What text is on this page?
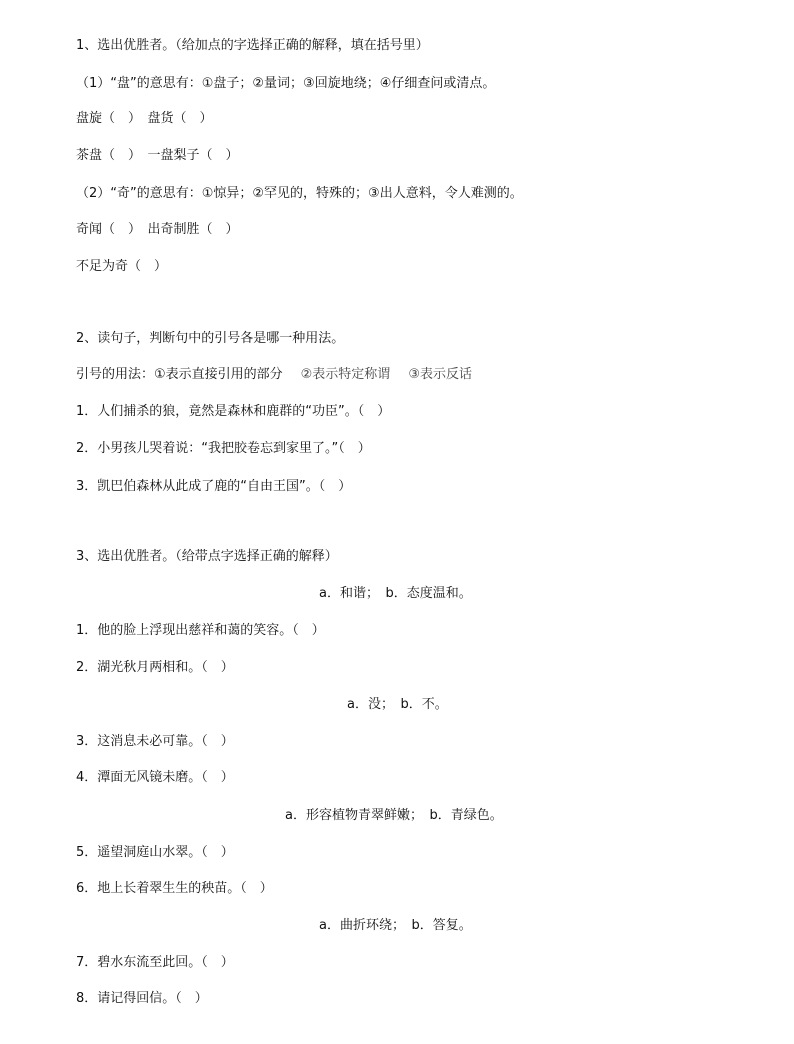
1、选出优胜者。（给加点的字选择正确的解释，填在括号里）
（1）“盘”的意思有：①盘子；②量词；③回旋地绕；④仔细查问或清点。
盘旋（　）　盘货（　）
茶盘（　）　一盘梨子（　）
（2）“奇”的意思有：①惊异；②罕见的，特殊的；③出人意料，令人难测的。
奇闻（　）　出奇制胜（　）
不足为奇（　）
2、读句子，判断句中的引号各是哪一种用法。
引号的用法：①表示直接引用的部分 ②表示特定称谓 ③表示反话
1．人们捕杀的狼，竟然是森林和鹿群的“功臣”。（　）
2．小男孩儿哭着说：“我把胶卷忘到家里了。”（　）
3．凯巴伯森林从此成了鹿的“自由王国”。（　）
3、选出优胜者。（给带点字选择正确的解释）
a．和谐；　b．态度温和。
1．他的脸上浮现出慈祥和蔼的笑容。（　）
2．湖光秋月两相和。（　）
a．没；　b．不。
3．这消息未必可靠。（　）
4．潭面无风镜未磨。（　）
a．形容植物青翠鲜嫩；　b．青绿色。
5．遥望洞庭山水翠。（　）
6．地上长着翠生生的秧苗。（　）
a．曲折环绕；　b．答复。
7．碧水东流至此回。（　）
8．请记得回信。（　）
